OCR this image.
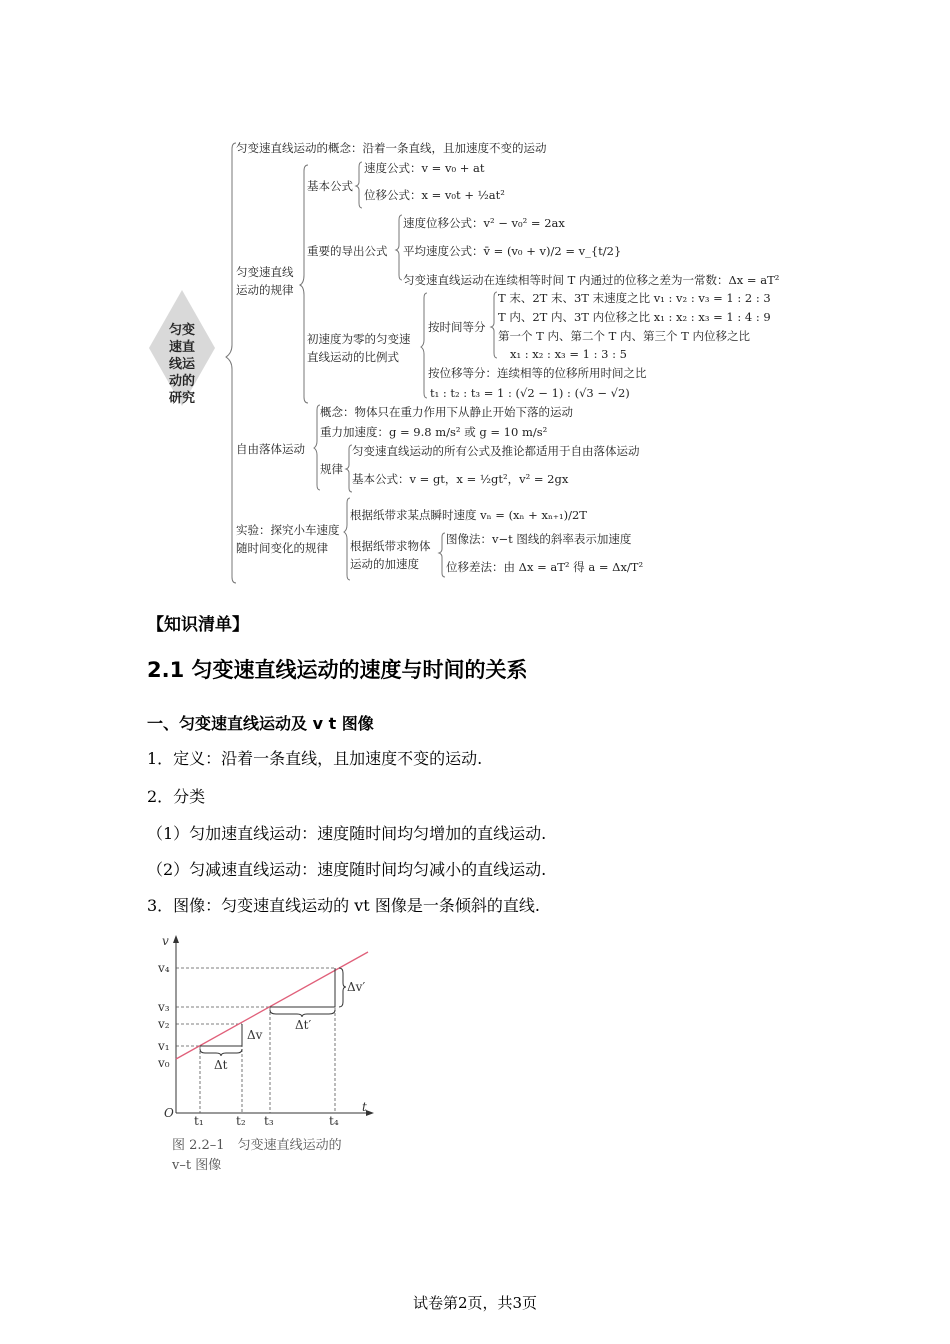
匀变
速直
线运
动的
研究
匀变速直线运动的概念：沿着一条直线，且加速度不变的运动
匀变速直线
运动的规律
基本公式
速度公式：v = v₀ + at
位移公式：x = v₀t + ½at²
重要的导出公式
速度位移公式：v² − v₀² = 2ax
平均速度公式：v̄ = (v₀ + v)/2 = v_{t/2}
匀变速直线运动在连续相等时间 T 内通过的位移之差为一常数：Δx = aT²
初速度为零的匀变速
直线运动的比例式
按时间等分
T 末、2T 末、3T 末速度之比 v₁ : v₂ : v₃ = 1 : 2 : 3
T 内、2T 内、3T 内位移之比 x₁ : x₂ : x₃ = 1 : 4 : 9
第一个 T 内、第二个 T 内、第三个 T 内位移之比
x₁ : x₂ : x₃ = 1 : 3 : 5
按位移等分：连续相等的位移所用时间之比
t₁ : t₂ : t₃ = 1 : (√2 − 1) : (√3 − √2)
自由落体运动
概念：物体只在重力作用下从静止开始下落的运动
重力加速度：g = 9.8 m/s² 或 g = 10 m/s²
规律
匀变速直线运动的所有公式及推论都适用于自由落体运动
基本公式：v = gt，x = ½gt²，v² = 2gx
实验：探究小车速度
随时间变化的规律
根据纸带求某点瞬时速度 vₙ = (xₙ + xₙ₊₁)/2T
根据纸带求物体
运动的加速度
图像法：v−t 图线的斜率表示加速度
位移差法：由 Δx = aT² 得 a = Δx/T²
【知识清单】
2.1 匀变速直线运动的速度与时间的关系
一、匀变速直线运动及 v t 图像
1．定义：沿着一条直线，且加速度不变的运动.
2．分类
（1）匀加速直线运动：速度随时间均匀增加的直线运动.
（2）匀减速直线运动：速度随时间均匀减小的直线运动.
3．图像：匀变速直线运动的 vt 图像是一条倾斜的直线.
v
t
O
Δv
Δt
Δt′
Δv′
v₄
v₃
v₂
v₁
v₀
t₁	t₂ t₃	t₄
图 2.2–1　匀变速直线运动的
v–t 图像
试卷第2页，共3页
